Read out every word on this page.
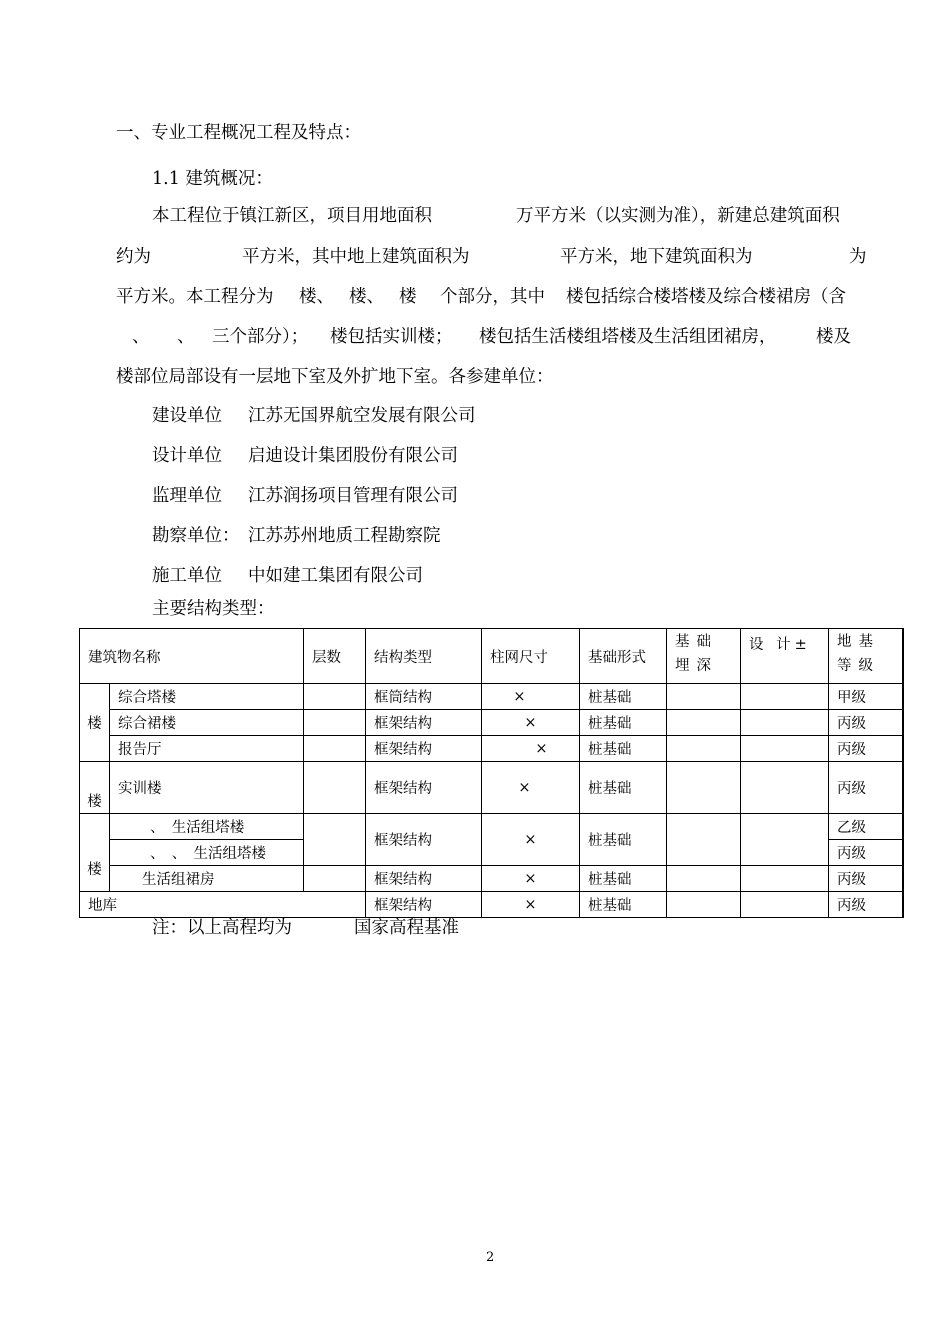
一、专业工程概况工程及特点：
1.1 建筑概况：
本工程位于镇江新区，项目用地面积	万平方米（以实测为准），新建总建筑面积
约为	平方米，其中地上建筑面积为	平方米，地下建筑面积为	为
平方米。本工程分为 楼、 楼、 楼 个部分，其中 楼包括综合楼塔楼及综合楼裙房（含
、 、 三个部分）； 楼包括实训楼； 楼包括生活楼组塔楼及生活组团裙房， 楼及
楼部位局部设有一层地下室及外扩地下室。各参建单位：
建设单位 江苏无国界航空发展有限公司
设计单位 启迪设计集团股份有限公司
监理单位 江苏润扬项目管理有限公司
勘察单位： 江苏苏州地质工程勘察院
施工单位 中如建工集团有限公司
主要结构类型：
建筑物名称		层数	结构类型	柱网尺寸	基础形式	基础埋深	设 计±	地基等级
楼	综合塔楼		框筒结构	×	桩基础			甲级
	综合裙楼		框架结构	×	桩基础			丙级
	报告厅		框架结构	×	桩基础			丙级
楼	实训楼		框架结构	×	桩基础			丙级
楼	、　生活组塔楼		框架结构	×	桩基础			乙级
	、　、　生活组塔楼							丙级
	生活组裙房		框架结构	×	桩基础			丙级
地库			框架结构	×	桩基础			丙级
注：以上高程均为	国家高程基准
2
